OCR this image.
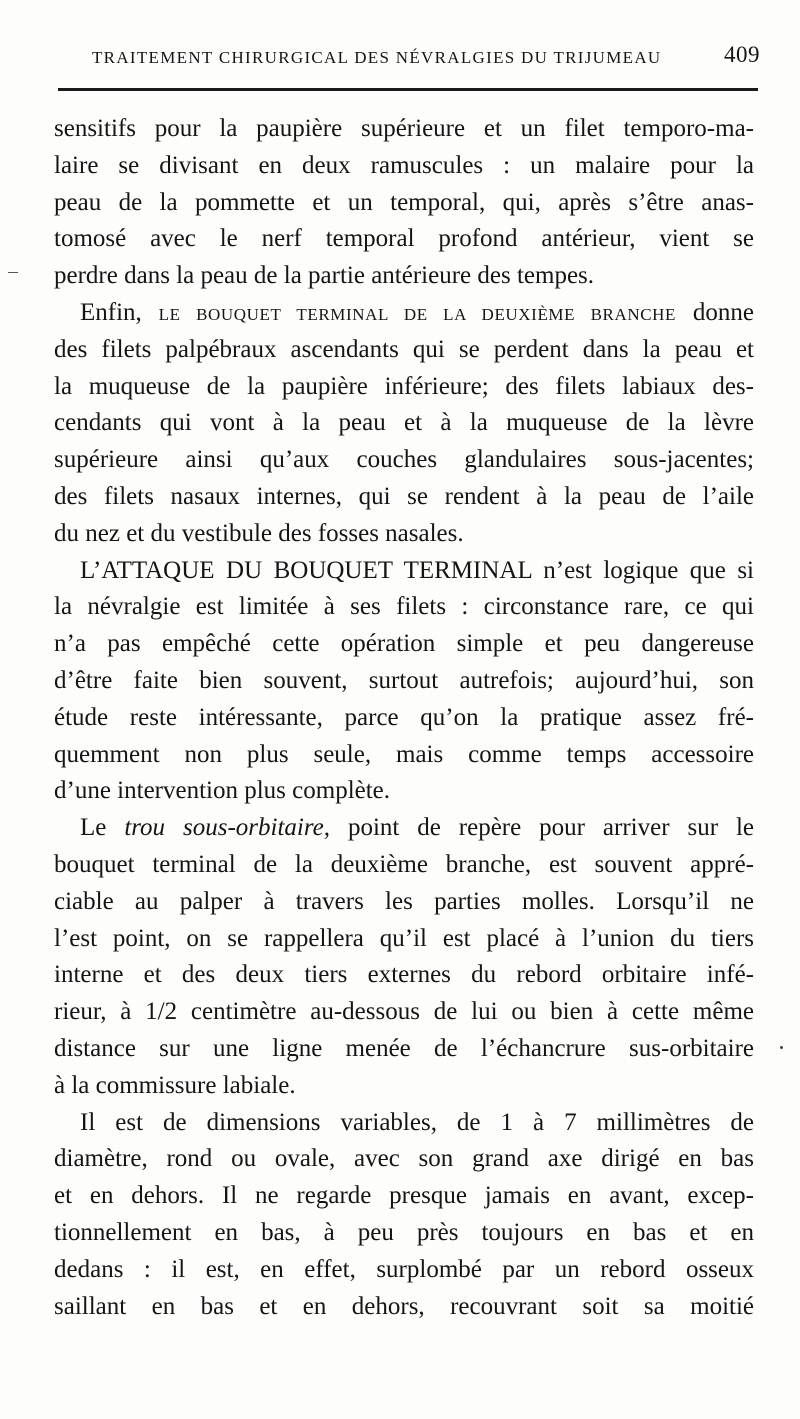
TRAITEMENT CHIRURGICAL DES NÉVRALGIES DU TRIJUMEAU	409
sensitifs pour la paupière supérieure et un filet temporo-ma-
laire se divisant en deux ramuscules : un malaire pour la
peau de la pommette et un temporal, qui, après s’être anas-
tomosé avec le nerf temporal profond antérieur, vient se
perdre dans la peau de la partie antérieure des tempes.
Enfin, LE BOUQUET TERMINAL DE LA DEUXIÈME BRANCHE donne
des filets palpébraux ascendants qui se perdent dans la peau et
la muqueuse de la paupière inférieure; des filets labiaux des-
cendants qui vont à la peau et à la muqueuse de la lèvre
supérieure ainsi qu’aux couches glandulaires sous-jacentes;
des filets nasaux internes, qui se rendent à la peau de l’aile
du nez et du vestibule des fosses nasales.
L’ATTAQUE DU BOUQUET TERMINAL n’est logique que si
la névralgie est limitée à ses filets : circonstance rare, ce qui
n’a pas empêché cette opération simple et peu dangereuse
d’être faite bien souvent, surtout autrefois; aujourd’hui, son
étude reste intéressante, parce qu’on la pratique assez fré-
quemment non plus seule, mais comme temps accessoire
d’une intervention plus complète.
Le trou sous-orbitaire, point de repère pour arriver sur le
bouquet terminal de la deuxième branche, est souvent appré-
ciable au palper à travers les parties molles. Lorsqu’il ne
l’est point, on se rappellera qu’il est placé à l’union du tiers
interne et des deux tiers externes du rebord orbitaire infé-
rieur, à 1/2 centimètre au-dessous de lui ou bien à cette même
distance sur une ligne menée de l’échancrure sus-orbitaire
à la commissure labiale.
Il est de dimensions variables, de 1 à 7 millimètres de
diamètre, rond ou ovale, avec son grand axe dirigé en bas
et en dehors. Il ne regarde presque jamais en avant, excep-
tionnellement en bas, à peu près toujours en bas et en
dedans : il est, en effet, surplombé par un rebord osseux
saillant en bas et en dehors, recouvrant soit sa moitié
